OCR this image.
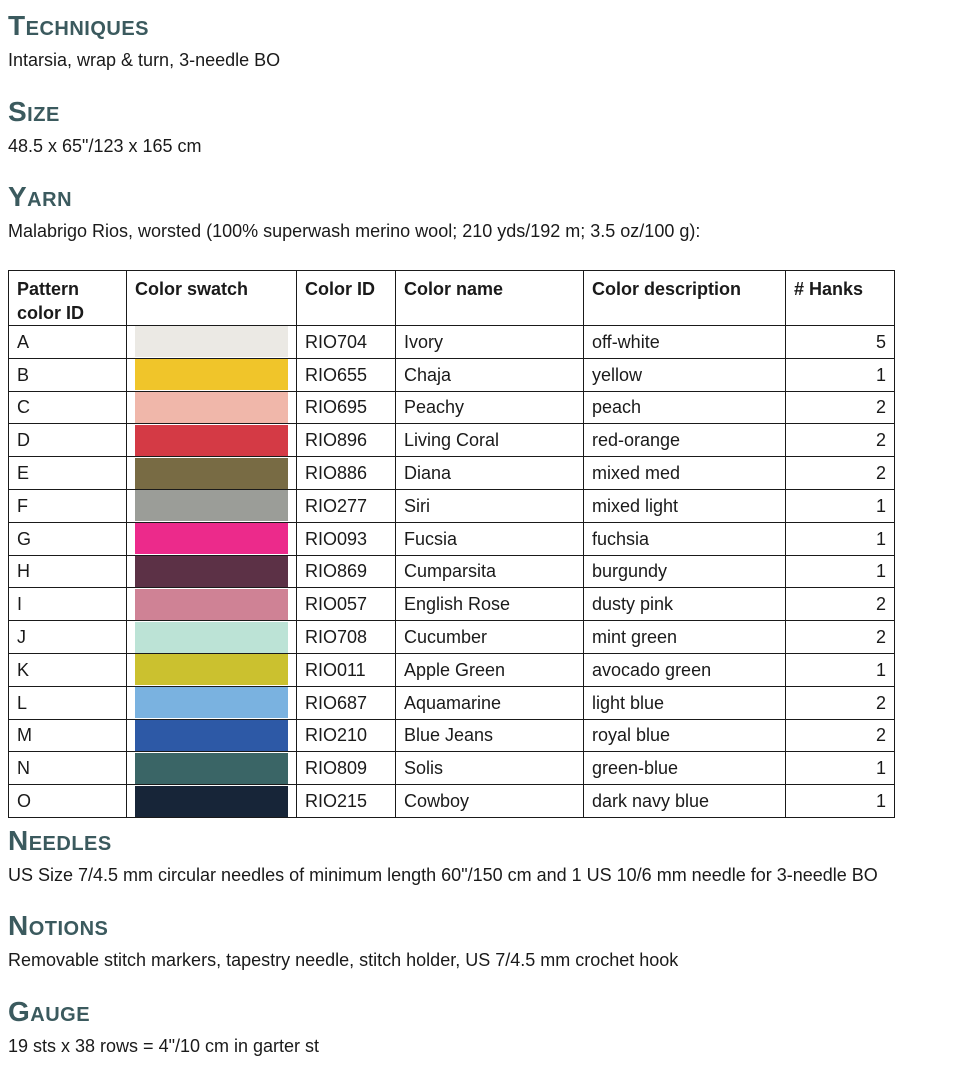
Techniques

Intarsia, wrap & turn, 3-needle BO

Size

48.5 x 65"/123 x 165 cm

Yarn

Malabrigo Rios, worsted (100% superwash merino wool; 210 yds/192 m; 3.5 oz/100 g):

Pattern color ID	Color swatch	Color ID	Color name	Color description	# Hanks
A		RIO704	Ivory	off-white	5
B		RIO655	Chaja	yellow	1
C		RIO695	Peachy	peach	2
D		RIO896	Living Coral	red-orange	2
E		RIO886	Diana	mixed med	2
F		RIO277	Siri	mixed light	1
G		RIO093	Fucsia	fuchsia	1
H		RIO869	Cumparsita	burgundy	1
I		RIO057	English Rose	dusty pink	2
J		RIO708	Cucumber	mint green	2
K		RIO011	Apple Green	avocado green	1
L		RIO687	Aquamarine	light blue	2
M		RIO210	Blue Jeans	royal blue	2
N		RIO809	Solis	green-blue	1
O		RIO215	Cowboy	dark navy blue	1
Needles

US Size 7/4.5 mm circular needles of minimum length 60"/150 cm and 1 US 10/6 mm needle for 3-needle BO

Notions

Removable stitch markers, tapestry needle, stitch holder, US 7/4.5 mm crochet hook

Gauge

19 sts x 38 rows = 4"/10 cm in garter st
